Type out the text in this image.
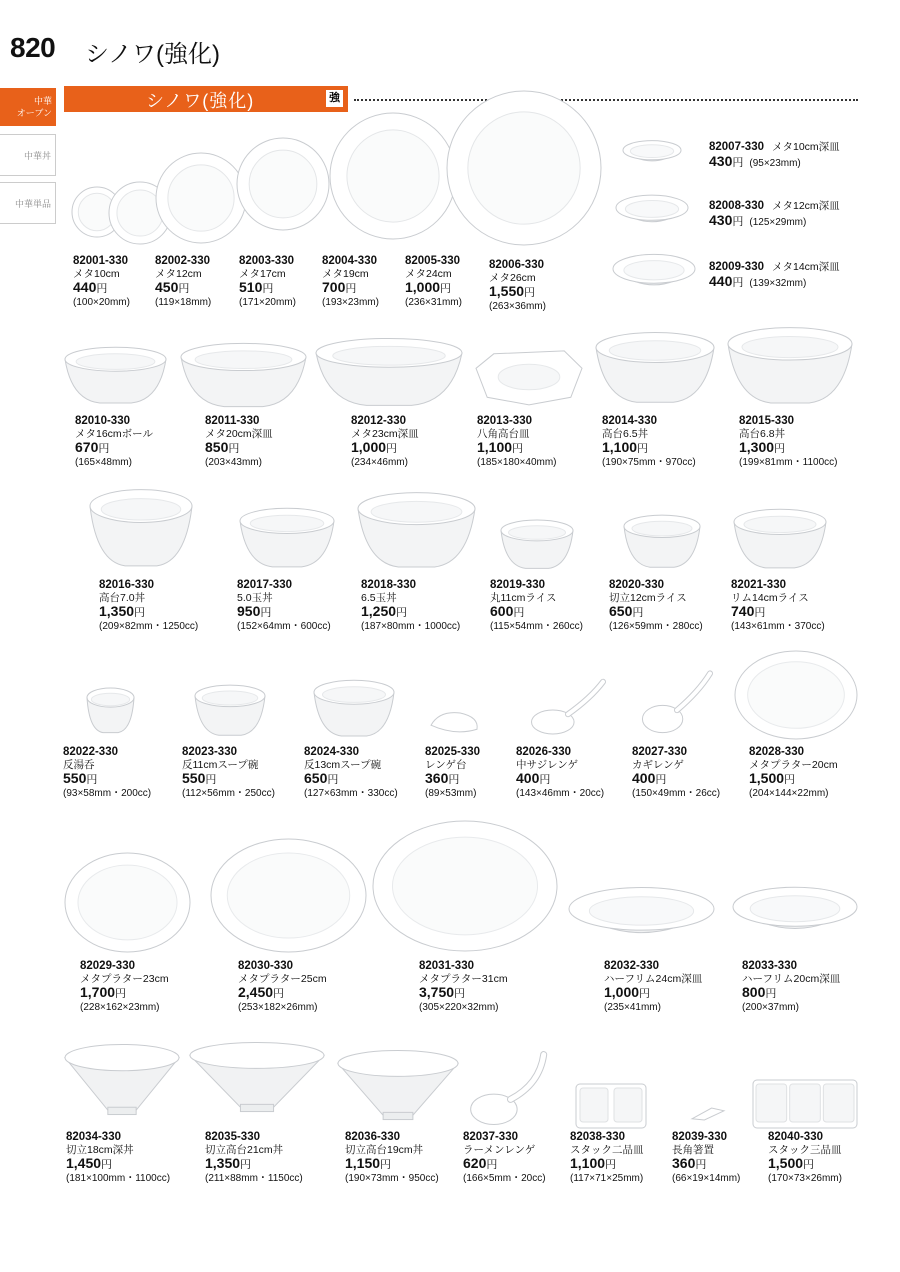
820 シノワ(強化)
中華
オーブン
中華丼
中華単品
シノワ(強化)	強
82001-330
メタ10cm
440円
(100×20mm)
82002-330
メタ12cm
450円
(119×18mm)
82003-330
メタ17cm
510円
(171×20mm)
82004-330
メタ19cm
700円
(193×23mm)
82005-330
メタ24cm
1,000円
(236×31mm)
82006-330
メタ26cm
1,550円
(263×36mm)
82007-330 メタ10cm深皿
430円 (95×23mm)
82008-330 メタ12cm深皿
430円 (125×29mm)
82009-330 メタ14cm深皿
440円 (139×32mm)
82010-330
メタ16cmボール
670円
(165×48mm)
82011-330
メタ20cm深皿
850円
(203×43mm)
82012-330
メタ23cm深皿
1,000円
(234×46mm)
82013-330
八角高台皿
1,100円
(185×180×40mm)
82014-330
高台6.5丼
1,100円
(190×75mm・970cc)
82015-330
高台6.8丼
1,300円
(199×81mm・1100cc)
82016-330
高台7.0丼
1,350円
(209×82mm・1250cc)
82017-330
5.0玉丼
950円
(152×64mm・600cc)
82018-330
6.5玉丼
1,250円
(187×80mm・1000cc)
82019-330
丸11cmライス
600円
(115×54mm・260cc)
82020-330
切立12cmライス
650円
(126×59mm・280cc)
82021-330
リム14cmライス
740円
(143×61mm・370cc)
82022-330
反湯呑
550円
(93×58mm・200cc)
82023-330
反11cmスープ碗
550円
(112×56mm・250cc)
82024-330
反13cmスープ碗
650円
(127×63mm・330cc)
82025-330
レンゲ台
360円
(89×53mm)
82026-330
中サジレンゲ
400円
(143×46mm・20cc)
82027-330
カギレンゲ
400円
(150×49mm・26cc)
82028-330
メタプラター20cm
1,500円
(204×144×22mm)
82029-330
メタプラター23cm
1,700円
(228×162×23mm)
82030-330
メタプラター25cm
2,450円
(253×182×26mm)
82031-330
メタプラター31cm
3,750円
(305×220×32mm)
82032-330
ハーフリム24cm深皿
1,000円
(235×41mm)
82033-330
ハーフリム20cm深皿
800円
(200×37mm)
82034-330
切立18cm深丼
1,450円
(181×100mm・1100cc)
82035-330
切立高台21cm丼
1,350円
(211×88mm・1150cc)
82036-330
切立高台19cm丼
1,150円
(190×73mm・950cc)
82037-330
ラーメンレンゲ
620円
(166×5mm・20cc)
82038-330
スタック二品皿
1,100円
(117×71×25mm)
82039-330
長角箸置
360円
(66×19×14mm)
82040-330
スタック三品皿
1,500円
(170×73×26mm)
